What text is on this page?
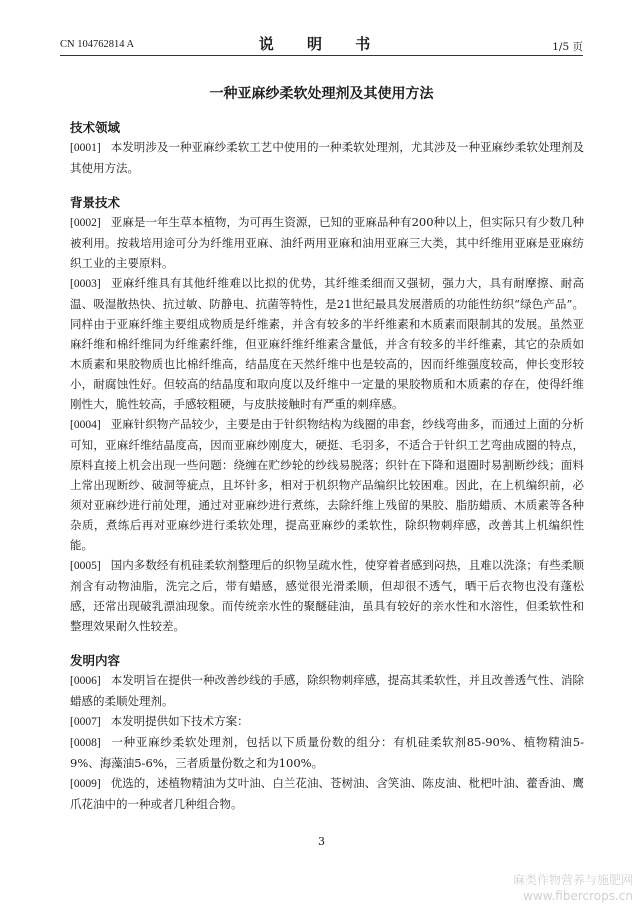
CN 104762814 A	说 明 书	1/5 页
一种亚麻纱柔软处理剂及其使用方法

技术领域

[0001] 本发明涉及一种亚麻纱柔软工艺中使用的一种柔软处理剂，尤其涉及一种亚麻纱柔软处理剂及其使用方法。

背景技术

[0002] 亚麻是一年生草本植物，为可再生资源，已知的亚麻品种有200种以上，但实际只有少数几种被利用。按栽培用途可分为纤维用亚麻、油纤两用亚麻和油用亚麻三大类，其中纤维用亚麻是亚麻纺织工业的主要原料。

[0003] 亚麻纤维具有其他纤维难以比拟的优势，其纤维柔细而又强韧，强力大，具有耐摩擦、耐高温、吸湿散热快、抗过敏、防静电、抗菌等特性，是21世纪最具发展潜质的功能性纺织“绿色产品”。同样由于亚麻纤维主要组成物质是纤维素，并含有较多的半纤维素和木质素而限制其的发展。虽然亚麻纤维和棉纤维同为纤维素纤维，但亚麻纤维纤维素含量低，并含有较多的半纤维素，其它的杂质如木质素和果胶物质也比棉纤维高，结晶度在天然纤维中也是较高的，因而纤维强度较高，伸长变形较小，耐腐蚀性好。但较高的结晶度和取向度以及纤维中一定量的果胶物质和木质素的存在，使得纤维刚性大，脆性较高，手感较粗硬，与皮肤接触时有严重的刺痒感。

[0004] 亚麻针织物产品较少，主要是由于针织物结构为线圈的串套，纱线弯曲多，而通过上面的分析可知，亚麻纤维结晶度高，因而亚麻纱刚度大，硬挺、毛羽多，不适合于针织工艺弯曲成圈的特点，原料直接上机会出现一些问题：绕缠在贮纱轮的纱线易脱落；织针在下降和退圈时易割断纱线；面料上常出现断纱、破洞等疵点，且坏针多，相对于机织物产品编织比较困难。因此，在上机编织前，必须对亚麻纱进行前处理，通过对亚麻纱进行煮练，去除纤维上残留的果胶、脂肪蜡质、木质素等各种杂质，煮练后再对亚麻纱进行柔软处理，提高亚麻纱的柔软性，除织物刺痒感，改善其上机编织性能。

[0005] 国内多数经有机硅柔软剂整理后的织物呈疏水性，使穿着者感到闷热，且难以洗涤；有些柔顺剂含有动物油脂，洗完之后，带有蜡感，感觉很光滑柔顺，但却很不透气，晒干后衣物也没有蓬松感，还常出现破乳漂油现象。而传统亲水性的聚醚硅油，虽具有较好的亲水性和水溶性，但柔软性和整理效果耐久性较差。

发明内容

[0006] 本发明旨在提供一种改善纱线的手感，除织物刺痒感，提高其柔软性，并且改善透气性、消除蜡感的柔顺处理剂。

[0007] 本发明提供如下技术方案：

[0008] 一种亚麻纱柔软处理剂，包括以下质量份数的组分：有机硅柔软剂85-90%、植物精油5-9%、海藻油5-6%，三者质量份数之和为100%。

[0009] 优选的，述植物精油为艾叶油、白兰花油、苍树油、含笑油、陈皮油、枇杷叶油、藿香油、鹰爪花油中的一种或者几种组合物。

3
麻类作物营养与施肥网
www.fibercrops.cn
